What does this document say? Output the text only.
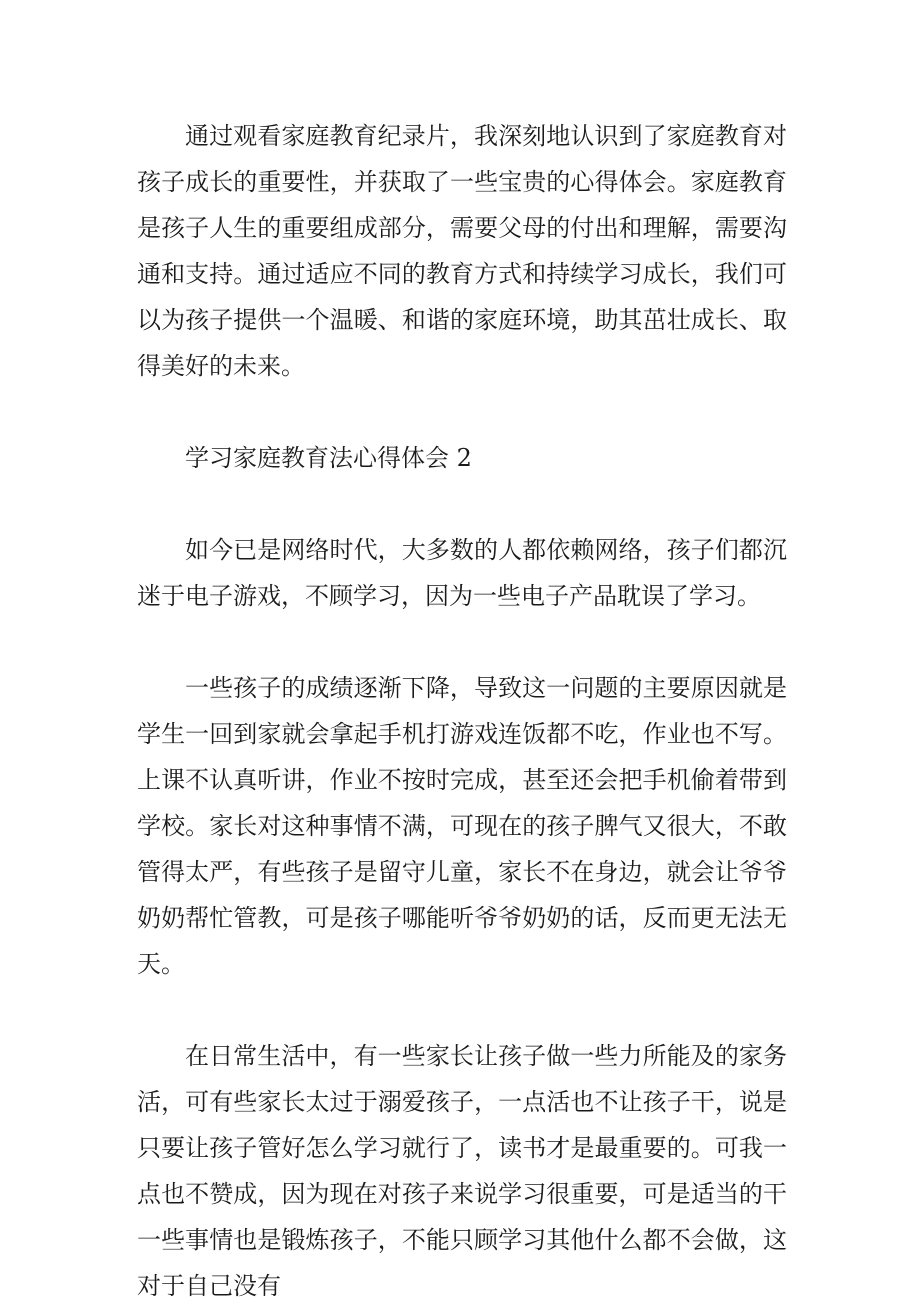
通过观看家庭教育纪录片，我深刻地认识到了家庭教育对孩子成长的重要性，并获取了一些宝贵的心得体会。家庭教育是孩子人生的重要组成部分，需要父母的付出和理解，需要沟通和支持。通过适应不同的教育方式和持续学习成长，我们可以为孩子提供一个温暖、和谐的家庭环境，助其茁壮成长、取得美好的未来。

学习家庭教育法心得体会 2

如今已是网络时代，大多数的人都依赖网络，孩子们都沉迷于电子游戏，不顾学习，因为一些电子产品耽误了学习。

一些孩子的成绩逐渐下降，导致这一问题的主要原因就是学生一回到家就会拿起手机打游戏连饭都不吃，作业也不写。上课不认真听讲，作业不按时完成，甚至还会把手机偷着带到学校。家长对这种事情不满，可现在的孩子脾气又很大，不敢管得太严，有些孩子是留守儿童，家长不在身边，就会让爷爷奶奶帮忙管教，可是孩子哪能听爷爷奶奶的话，反而更无法无天。

在日常生活中，有一些家长让孩子做一些力所能及的家务活，可有些家长太过于溺爱孩子，一点活也不让孩子干，说是只要让孩子管好怎么学习就行了，读书才是最重要的。可我一点也不赞成，因为现在对孩子来说学习很重要，可是适当的干一些事情也是锻炼孩子，不能只顾学习其他什么都不会做，这对于自己没有
